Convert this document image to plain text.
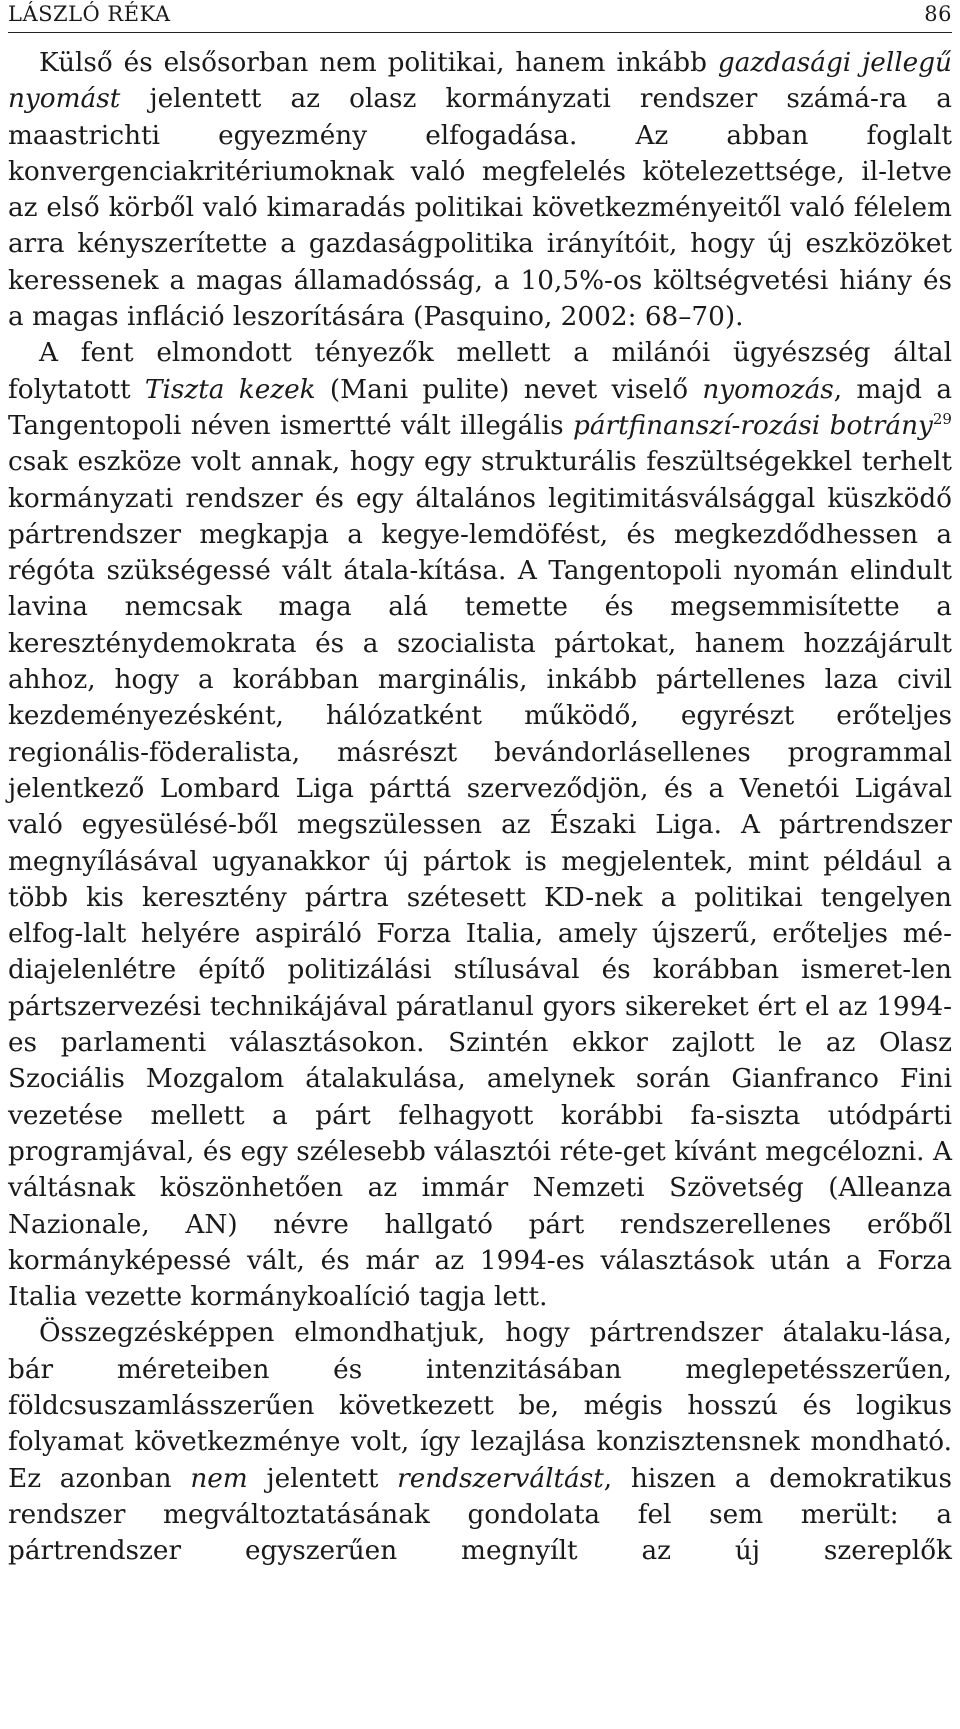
LÁSZLÓ RÉKA	86

Külső és elsősorban nem politikai, hanem inkább gazdasági jellegű nyomást jelentett az olasz kormányzati rendszer számá-ra a maastrichti egyezmény elfogadása. Az abban foglalt konvergenciakritériumoknak való megfelelés kötelezettsége, il-letve az első körből való kimaradás politikai következményeitől való félelem arra kényszerítette a gazdaságpolitika irányítóit, hogy új eszközöket keressenek a magas államadósság, a 10,5%-os költségvetési hiány és a magas infláció leszorítására (Pasquino, 2002: 68–70).

A fent elmondott tényezők mellett a milánói ügyészség által folytatott Tiszta kezek (Mani pulite) nevet viselő nyomozás, majd a Tangentopoli néven ismertté vált illegális pártfinanszí-rozási botrány$^{29}$ csak eszköze volt annak, hogy egy strukturális feszültségekkel terhelt kormányzati rendszer és egy általános legitimitásválsággal küszködő pártrendszer megkapja a kegye-lemdöfést, és megkezdődhessen a régóta szükségessé vált átala-kítása. A Tangentopoli nyomán elindult lavina nemcsak maga alá temette és megsemmisítette a kereszténydemokrata és a szocialista pártokat, hanem hozzájárult ahhoz, hogy a korábban marginális, inkább pártellenes laza civil kezdeményezésként, hálózatként működő, egyrészt erőteljes regionális-föderalista, másrészt bevándorlásellenes programmal jelentkező Lombard Liga párttá szerveződjön, és a Venetói Ligával való egyesülésé-ből megszülessen az Északi Liga. A pártrendszer megnyílásával ugyanakkor új pártok is megjelentek, mint például a több kis keresztény pártra szétesett KD-nek a politikai tengelyen elfog-lalt helyére aspiráló Forza Italia, amely újszerű, erőteljes mé-diajelenlétre építő politizálási stílusával és korábban ismeret-len pártszervezési technikájával páratlanul gyors sikereket ért el az 1994-es parlamenti választásokon. Szintén ekkor zajlott le az Olasz Szociális Mozgalom átalakulása, amelynek során Gianfranco Fini vezetése mellett a párt felhagyott korábbi fa-siszta utódpárti programjával, és egy szélesebb választói réte-get kívánt megcélozni. A váltásnak köszönhetően az immár Nemzeti Szövetség (Alleanza Nazionale, AN) névre hallgató párt rendszerellenes erőből kormányképessé vált, és már az 1994-es választások után a Forza Italia vezette kormánykoalíció tagja lett.

Összegzésképpen elmondhatjuk, hogy pártrendszer átalaku-lása, bár méreteiben és intenzitásában meglepetésszerűen, földcsuszamlásszerűen következett be, mégis hosszú és logikus folyamat következménye volt, így lezajlása konzisztensnek mondható. Ez azonban nem jelentett rendszerváltást, hiszen a demokratikus rendszer megváltoztatásának gondolata fel sem merült: a pártrendszer egyszerűen megnyílt az új szereplők
